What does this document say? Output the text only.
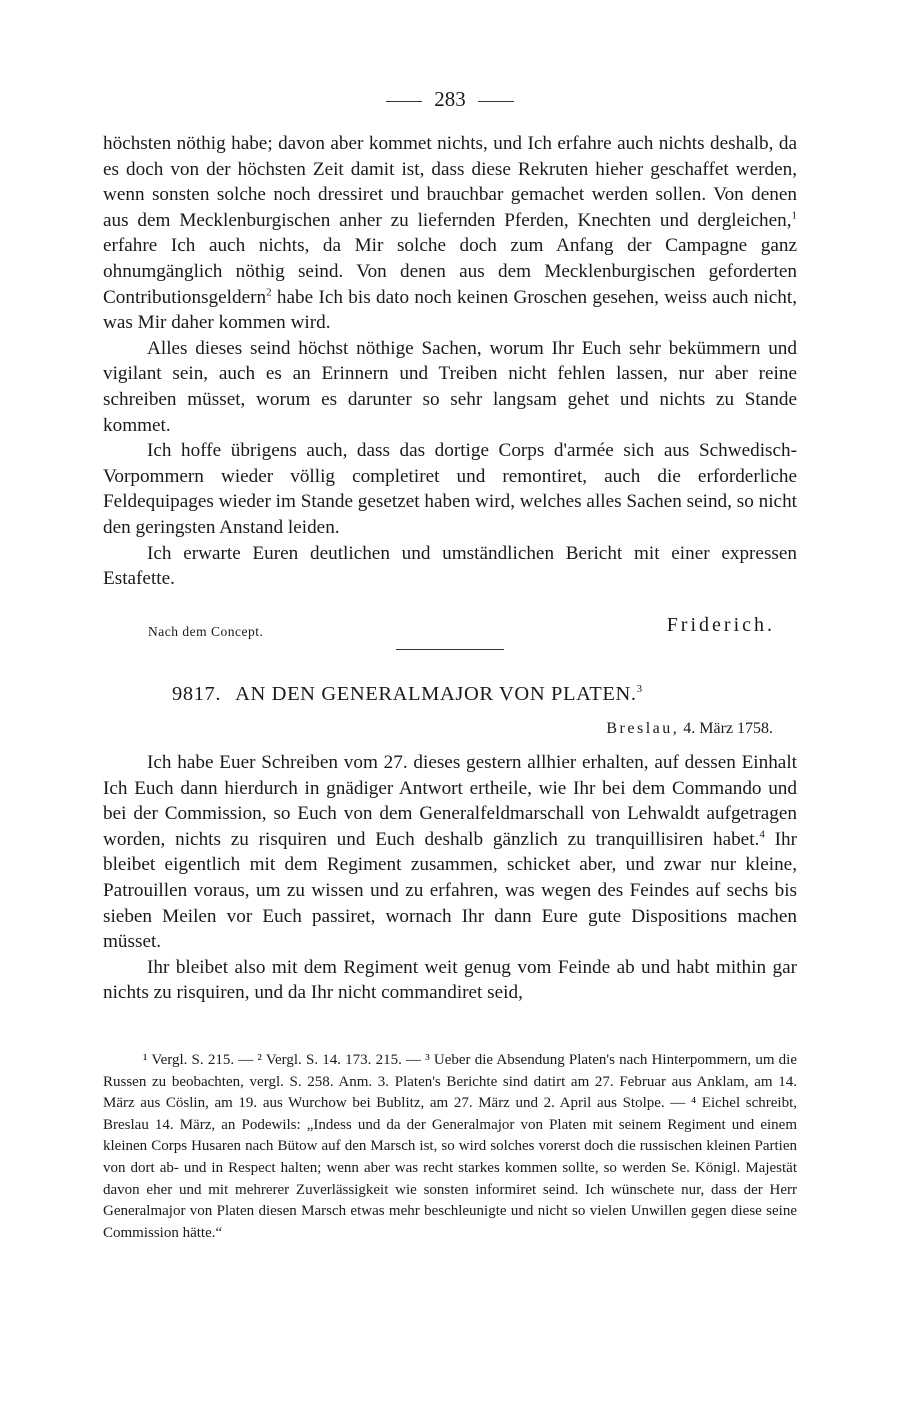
283

höchsten nöthig habe; davon aber kommet nichts, und Ich erfahre auch nichts deshalb, da es doch von der höchsten Zeit damit ist, dass diese Rekruten hieher geschaffet werden, wenn sonsten solche noch dressiret und brauchbar gemachet werden sollen. Von denen aus dem Mecklenburgischen anher zu liefernden Pferden, Knechten und dergleichen,$^1$ erfahre Ich auch nichts, da Mir solche doch zum Anfang der Campagne ganz ohnumgänglich nöthig seind. Von denen aus dem Mecklenburgischen geforderten Contributionsgeldern$^2$ habe Ich bis dato noch keinen Groschen gesehen, weiss auch nicht, was Mir daher kommen wird.

Alles dieses seind höchst nöthige Sachen, worum Ihr Euch sehr bekümmern und vigilant sein, auch es an Erinnern und Treiben nicht fehlen lassen, nur aber reine schreiben müsset, worum es darunter so sehr langsam gehet und nichts zu Stande kommet.

Ich hoffe übrigens auch, dass das dortige Corps d'armée sich aus Schwedisch-Vorpommern wieder völlig completiret und remontiret, auch die erforderliche Feldequipages wieder im Stande gesetzet haben wird, welches alles Sachen seind, so nicht den geringsten Anstand leiden.

Ich erwarte Euren deutlichen und umständlichen Bericht mit einer expressen Estafette.

Nach dem Concept.	Friderich.
9817. AN DEN GENERALMAJOR VON PLATEN.$^3$
Breslau, 4. März 1758.

Ich habe Euer Schreiben vom 27. dieses gestern allhier erhalten, auf dessen Einhalt Ich Euch dann hierdurch in gnädiger Antwort ertheile, wie Ihr bei dem Commando und bei der Commission, so Euch von dem Generalfeldmarschall von Lehwaldt aufgetragen worden, nichts zu risquiren und Euch deshalb gänzlich zu tranquillisiren habet.$^4$ Ihr bleibet eigentlich mit dem Regiment zusammen, schicket aber, und zwar nur kleine, Patrouillen voraus, um zu wissen und zu erfahren, was wegen des Feindes auf sechs bis sieben Meilen vor Euch passiret, wornach Ihr dann Eure gute Dispositions machen müsset.

Ihr bleibet also mit dem Regiment weit genug vom Feinde ab und habt mithin gar nichts zu risquiren, und da Ihr nicht commandiret seid,

¹ Vergl. S. 215. — ² Vergl. S. 14. 173. 215. — ³ Ueber die Absendung Platen's nach Hinterpommern, um die Russen zu beobachten, vergl. S. 258. Anm. 3. Platen's Berichte sind datirt am 27. Februar aus Anklam, am 14. März aus Cöslin, am 19. aus Wurchow bei Bublitz, am 27. März und 2. April aus Stolpe. — ⁴ Eichel schreibt, Breslau 14. März, an Podewils: „Indess und da der Generalmajor von Platen mit seinem Regiment und einem kleinen Corps Husaren nach Bütow auf den Marsch ist, so wird solches vorerst doch die russischen kleinen Partien von dort ab- und in Respect halten; wenn aber was recht starkes kommen sollte, so werden Se. Königl. Majestät davon eher und mit mehrerer Zuverlässigkeit wie sonsten informiret seind. Ich wünschete nur, dass der Herr Generalmajor von Platen diesen Marsch etwas mehr beschleunigte und nicht so vielen Unwillen gegen diese seine Commission hätte.“
